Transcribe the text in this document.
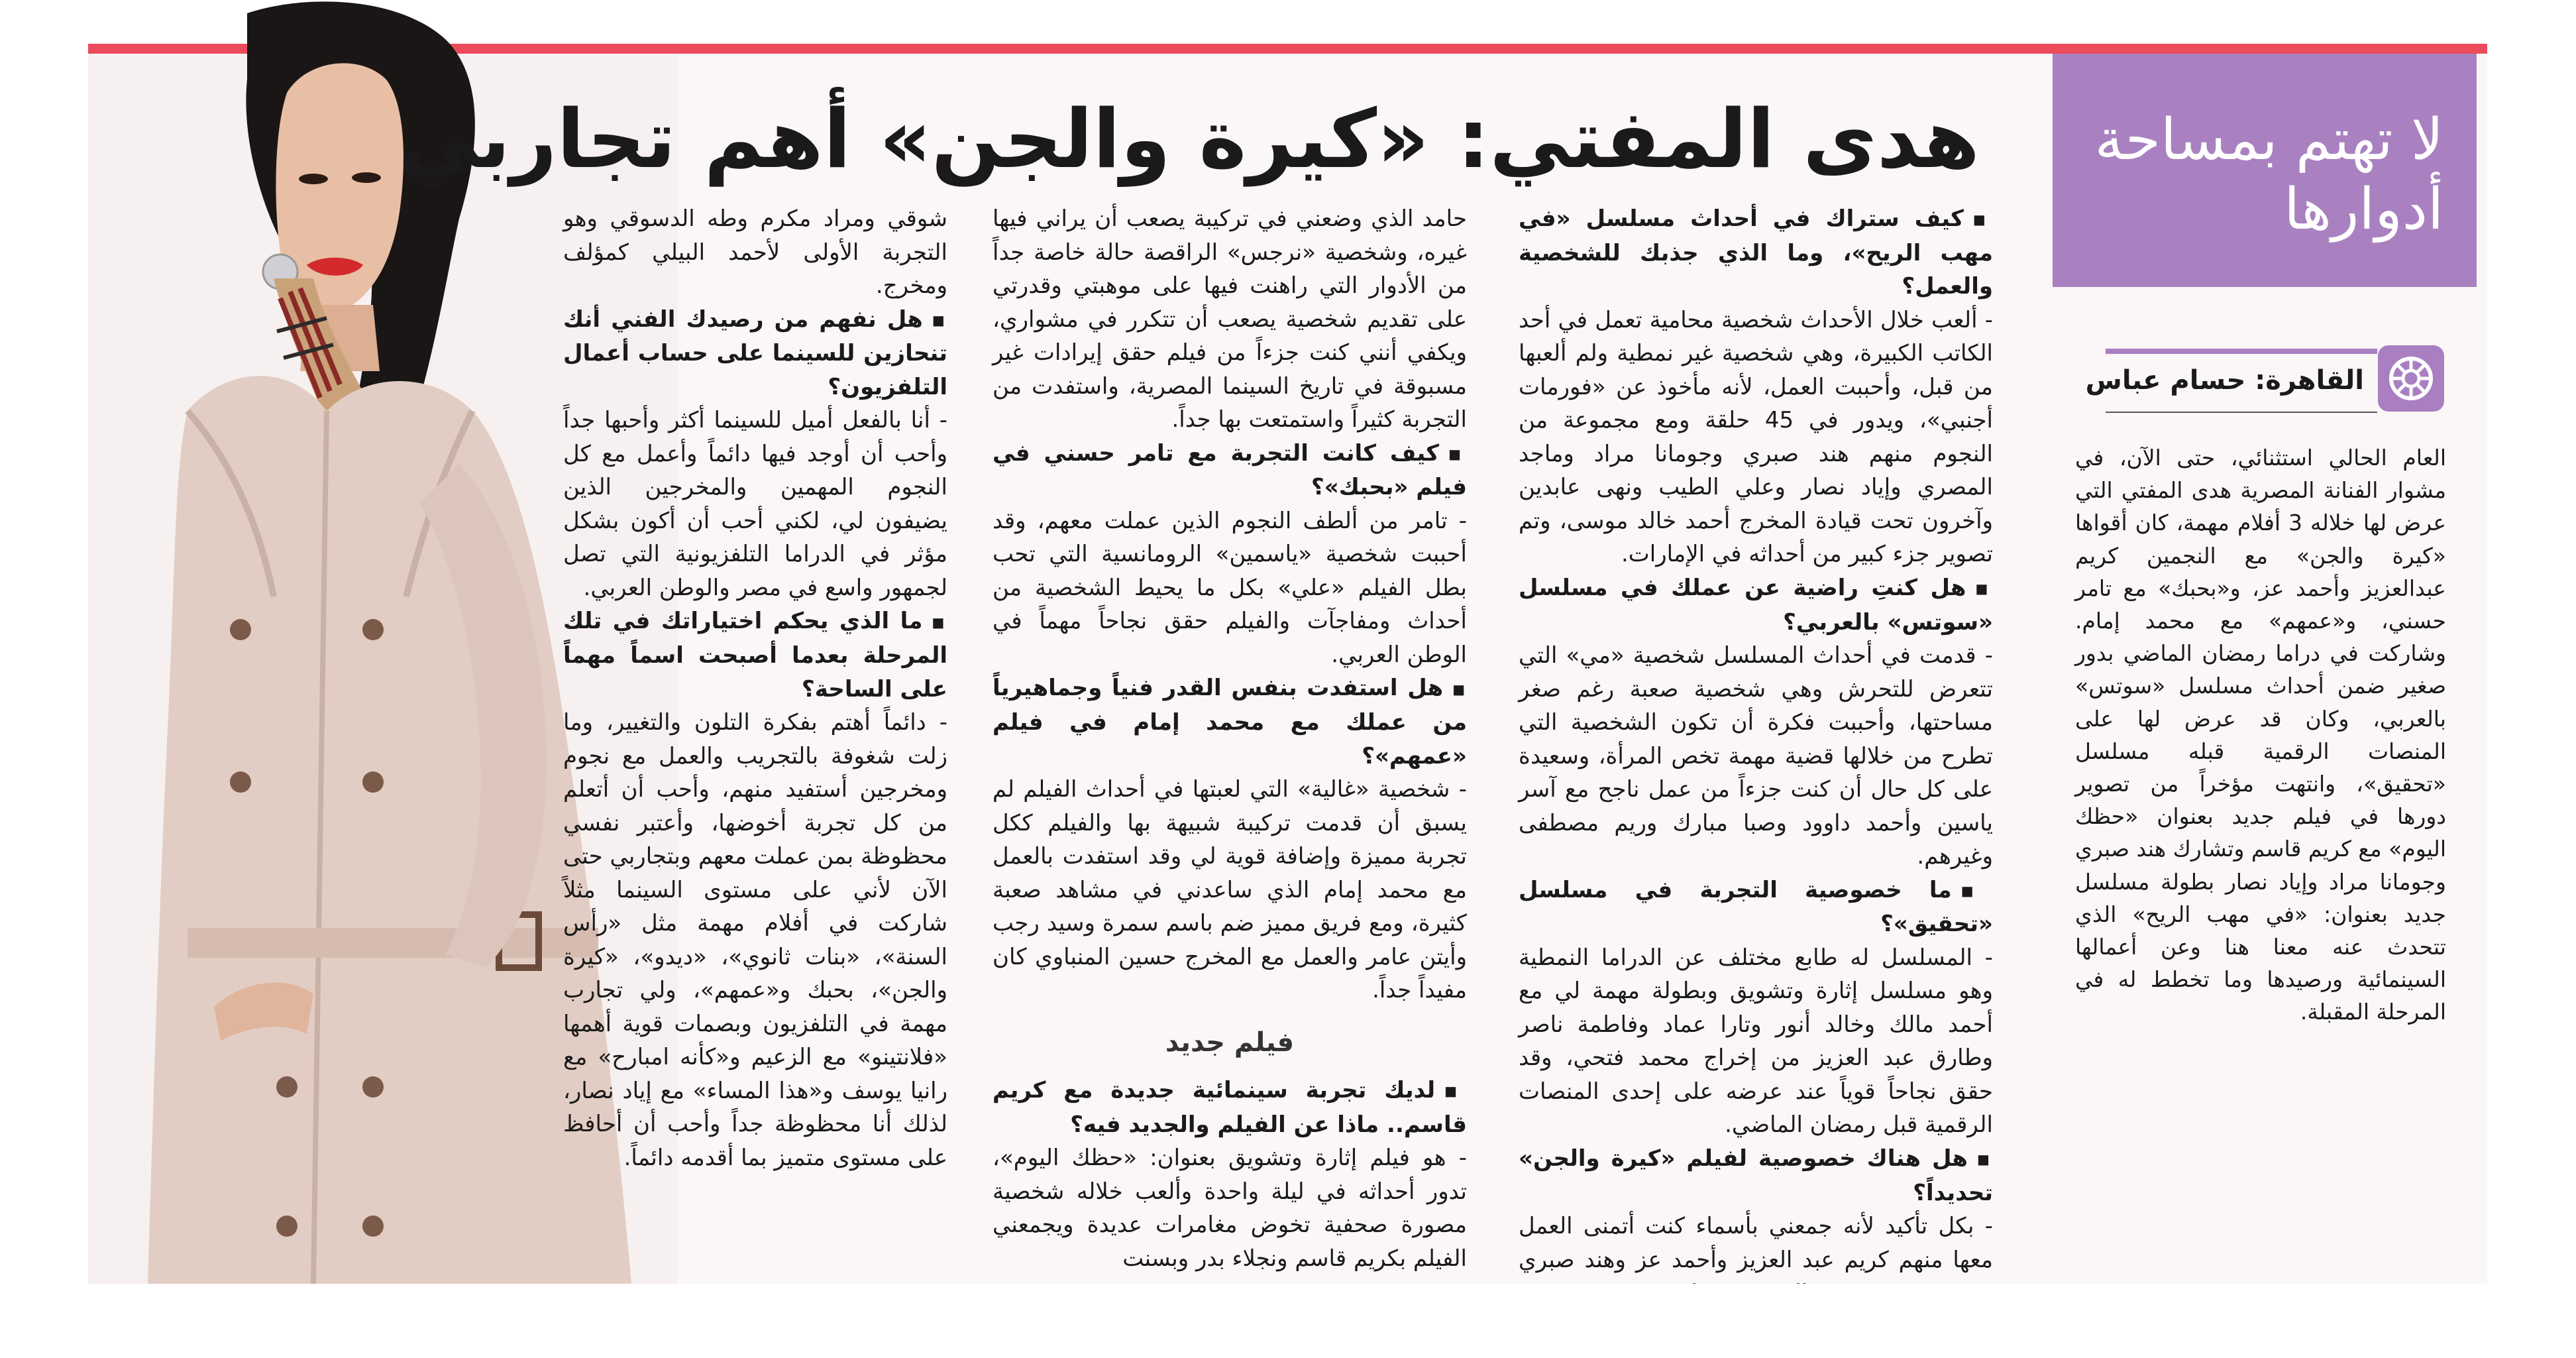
هدى المفتي: «كيرة والجن» أهم تجاربي

■ كيف ستراك في أحداث مسلسل «في مهب الريح»، وما الذي جذبك للشخصية والعمل؟

- ألعب خلال الأحداث شخصية محامية تعمل في أحد الكاتب الكبيرة، وهي شخصية غير نمطية ولم ألعبها من قبل، وأحببت العمل، لأنه مأخوذ عن «فورمات أجنبي»، ويدور في 45 حلقة ومع مجموعة من النجوم منهم هند صبري وجومانا مراد وماجد المصري وإياد نصار وعلي الطيب ونهى عابدين وآخرون تحت قيادة المخرج أحمد خالد موسى، وتم تصوير جزء كبير من أحداثه في الإمارات.

■ هل كنتِ راضية عن عملك في مسلسل «سوتس» بالعربي؟

- قدمت في أحداث المسلسل شخصية «مي» التي تتعرض للتحرش وهي شخصية صعبة رغم صغر مساحتها، وأحببت فكرة أن تكون الشخصية التي تطرح من خلالها قضية مهمة تخص المرأة، وسعيدة على كل حال أن كنت جزءاً من عمل ناجح مع آسر ياسين وأحمد داوود وصبا مبارك وريم مصطفى وغيرهم.

■ ما خصوصية التجربة في مسلسل «تحقيق»؟

- المسلسل له طابع مختلف عن الدراما النمطية وهو مسلسل إثارة وتشويق وبطولة مهمة لي مع أحمد مالك وخالد أنور وتارا عماد وفاطمة ناصر وطارق عبد العزيز من إخراج محمد فتحي، وقد حقق نجاحاً قوياً عند عرضه على إحدى المنصات الرقمية قبل رمضان الماضي.

■ هل هناك خصوصية لفيلم «كيرة والجن» تحديداً؟

- بكل تأكيد لأنه جمعني بأسماء كنت أتمنى العمل معها منهم كريم عبد العزيز وأحمد عز وهند صبري

حامد الذي وضعني في تركيبة يصعب أن يراني فيها غيره، وشخصية «نرجس» الراقصة حالة خاصة جداً من الأدوار التي راهنت فيها على موهبتي وقدرتي على تقديم شخصية يصعب أن تتكرر في مشواري، ويكفي أنني كنت جزءاً من فيلم حقق إيرادات غير مسبوقة في تاريخ السينما المصرية، واستفدت من التجربة كثيراً واستمتعت بها جداً.

■ كيف كانت التجربة مع تامر حسني في فيلم «بحبك»؟

- تامر من ألطف النجوم الذين عملت معهم، وقد أحببت شخصية «ياسمين» الرومانسية التي تحب بطل الفيلم «علي» بكل ما يحيط الشخصية من أحداث ومفاجآت والفيلم حقق نجاحاً مهماً في الوطن العربي.

■ هل استفدت بنفس القدر فنياً وجماهيرياً من عملك مع محمد إمام في فيلم «عمهم»؟

- شخصية «غالية» التي لعبتها في أحداث الفيلم لم يسبق أن قدمت تركيبة شبيهة بها والفيلم ككل تجربة مميزة وإضافة قوية لي وقد استفدت بالعمل مع محمد إمام الذي ساعدني في مشاهد صعبة كثيرة، ومع فريق مميز ضم باسم سمرة وسيد رجب وأيتن عامر والعمل مع المخرج حسين المنباوي كان مفيداً جداً.

فيلم جديد

■ لديك تجربة سينمائية جديدة مع كريم قاسم.. ماذا عن الفيلم والجديد فيه؟

- هو فيلم إثارة وتشويق بعنوان: «حظك اليوم»، تدور أحداثه في ليلة واحدة وألعب خلاله شخصية مصورة صحفية تخوض مغامرات عديدة ويجمعني الفيلم بكريم قاسم ونجلاء بدر وبسنت

شوقي ومراد مكرم وطه الدسوقي وهو التجربة الأولى لأحمد البيلي كمؤلف ومخرج.

■ هل نفهم من رصيدك الفني أنك تنحازين للسينما على حساب أعمال التلفزيون؟

- أنا بالفعل أميل للسينما أكثر وأحبها جداً وأحب أن أوجد فيها دائماً وأعمل مع كل النجوم المهمين والمخرجين الذين يضيفون لي، لكني أحب أن أكون بشكل مؤثر في الدراما التلفزيونية التي تصل لجمهور واسع في مصر والوطن العربي.

■ ما الذي يحكم اختياراتك في تلك المرحلة بعدما أصبحت اسماً مهماً على الساحة؟

- دائماً أهتم بفكرة التلون والتغيير، وما زلت شغوفة بالتجريب والعمل مع نجوم ومخرجين أستفيد منهم، وأحب أن أتعلم من كل تجربة أخوضها، وأعتبر نفسي محظوظة بمن عملت معهم وبتجاربي حتى الآن لأني على مستوى السينما مثلاً شاركت في أفلام مهمة مثل «رأس السنة»، «بنات ثانوي»، «ديدو»، «كيرة والجن»، بحبك و«عمهم»، ولي تجارب مهمة في التلفزيون وبصمات قوية أهمها «فلانتينو» مع الزعيم و«كأنه امبارح» مع رانيا يوسف و«هذا المساء» مع إياد نصار، لذلك أنا محظوظة جداً وأحب أن أحافظ على مستوى متميز بما أقدمه دائماً.

لا تهتم بمساحة أدوارها
القاهرة: حسام عباس

العام الحالي استثنائي، حتى الآن، في مشوار الفنانة المصرية هدى المفتي التي عرض لها خلاله 3 أفلام مهمة، كان أقواها «كيرة والجن» مع النجمين كريم عبدالعزيز وأحمد عز، و«بحبك» مع تامر حسني، و«عمهم» مع محمد إمام. وشاركت في دراما رمضان الماضي بدور صغير ضمن أحداث مسلسل «سوتس» بالعربي، وكان قد عرض لها على المنصات الرقمية قبله مسلسل «تحقيق»، وانتهت مؤخراً من تصوير دورها في فيلم جديد بعنوان «حظك اليوم» مع كريم قاسم وتشارك هند صبري وجومانا مراد وإياد نصار بطولة مسلسل جديد بعنوان: «في مهب الريح» الذي تتحدث عنه معنا هنا وعن أعمالها السينمائية ورصيدها وما تخطط له في المرحلة المقبلة.
